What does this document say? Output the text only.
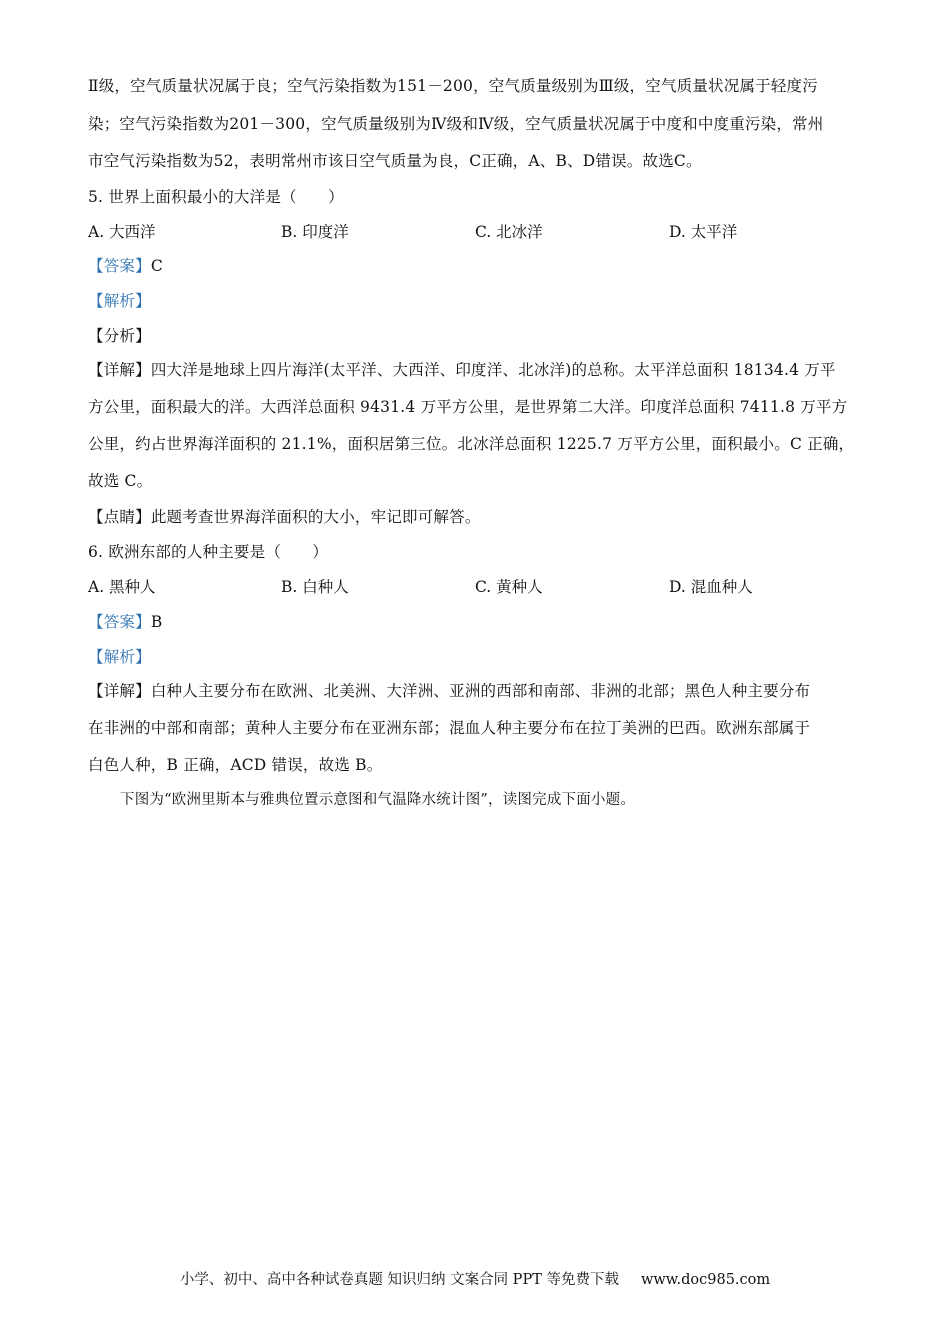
Ⅱ级，空气质量状况属于良；空气污染指数为151－200，空气质量级别为Ⅲ级，空气质量状况属于轻度污
染；空气污染指数为201－300，空气质量级别为Ⅳ级和Ⅳ级，空气质量状况属于中度和中度重污染，常州
市空气污染指数为52，表明常州市该日空气质量为良，C正确，A、B、D错误。故选C。
5. 世界上面积最小的大洋是（　　）
A. 大西洋	B. 印度洋	C. 北冰洋	D. 太平洋
【答案】C
【解析】
【分析】
【详解】四大洋是地球上四片海洋(太平洋、大西洋、印度洋、北冰洋)的总称。太平洋总面积 18134.4 万平
方公里，面积最大的洋。大西洋总面积 9431.4 万平方公里，是世界第二大洋。印度洋总面积 7411.8 万平方
公里，约占世界海洋面积的 21.1%，面积居第三位。北冰洋总面积 1225.7 万平方公里，面积最小。C 正确，
故选 C。
【点睛】此题考查世界海洋面积的大小，牢记即可解答。
6. 欧洲东部的人种主要是（　　）
A. 黑种人	B. 白种人	C. 黄种人	D. 混血种人
【答案】B
【解析】
【详解】白种人主要分布在欧洲、北美洲、大洋洲、亚洲的西部和南部、非洲的北部；黑色人种主要分布
在非洲的中部和南部；黄种人主要分布在亚洲东部；混血人种主要分布在拉丁美洲的巴西。欧洲东部属于
白色人种，B 正确，ACD 错误，故选 B。
下图为“欧洲里斯本与雅典位置示意图和气温降水统计图”，读图完成下面小题。
小学、初中、高中各种试卷真题 知识归纳 文案合同 PPT 等免费下载 www.doc985.com
